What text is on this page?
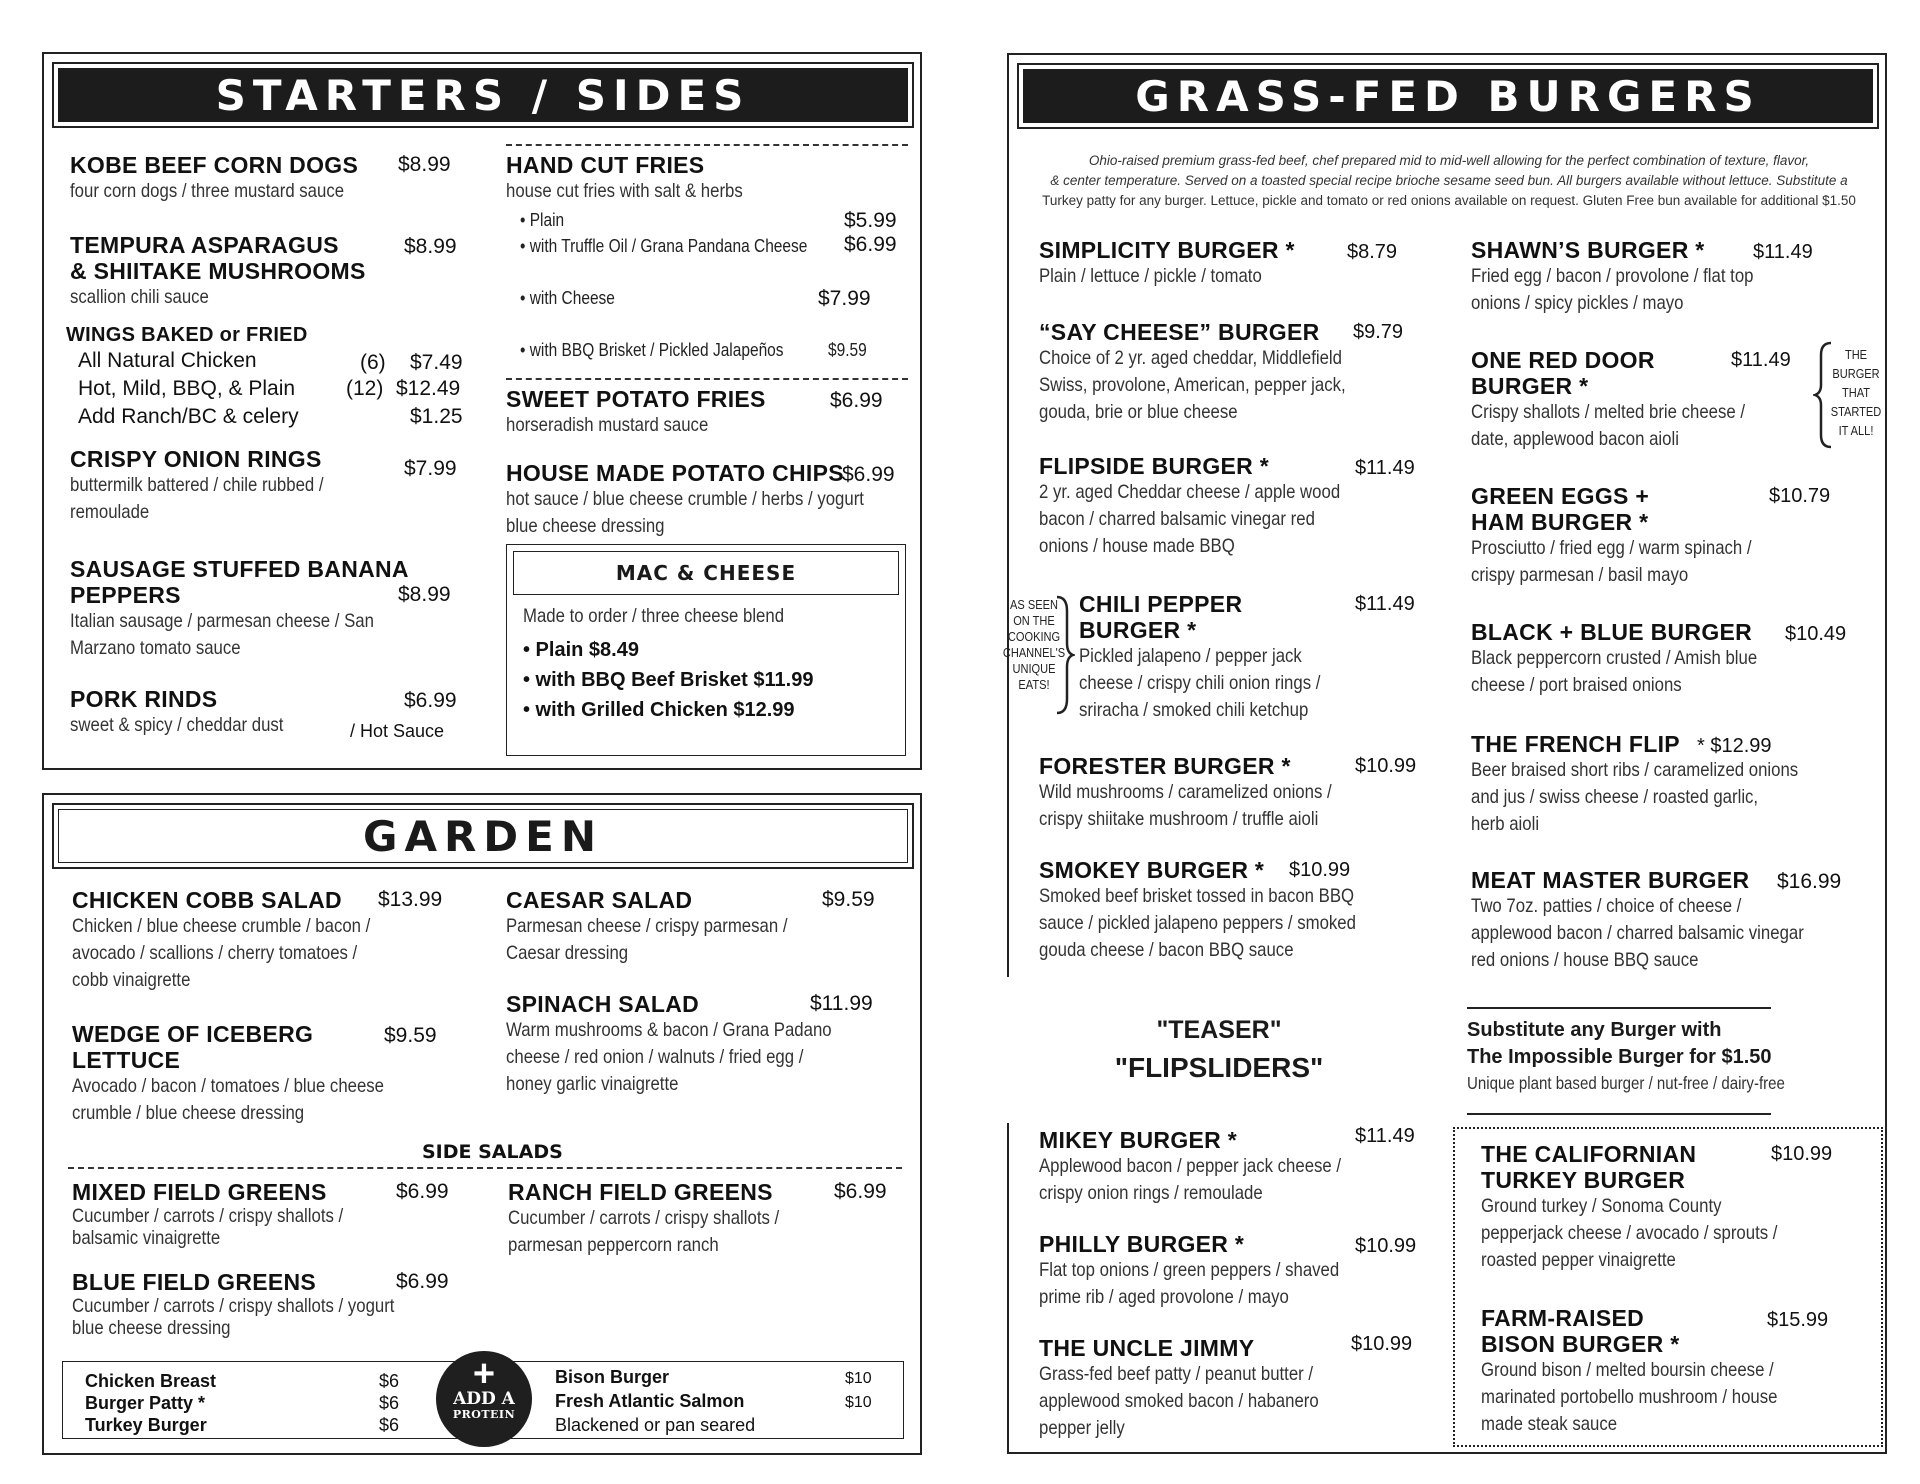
STARTERS / SIDES
KOBE BEEF CORN DOGS
four corn dogs / three mustard sauce
$8.99
TEMPURA ASPARAGUS
& SHIITAKE MUSHROOMS
scallion chili sauce
$8.99
WINGS BAKED or FRIED
All Natural Chicken	(6) $7.49
Hot, Mild, BBQ, & Plain (12) $12.49
Add Ranch/BC & celery	$1.25
CRISPY ONION RINGS
buttermilk battered / chile rubbed /
remoulade
$7.99
SAUSAGE STUFFED BANANA
PEPPERS
Italian sausage / parmesan cheese / San
Marzano tomato sauce
$8.99
PORK RINDS
sweet & spicy / cheddar dust	/ Hot Sauce
$6.99
HAND CUT FRIES
house cut fries with salt & herbs
• Plain	$5.99
• with Truffle Oil / Grana Pandana Cheese $6.99
• with Cheese	$7.99
• with BBQ Brisket / Pickled Jalapeños $9.59
SWEET POTATO FRIES
horseradish mustard sauce
$6.99
HOUSE MADE POTATO CHIPS
hot sauce / blue cheese crumble / herbs / yogurt
blue cheese dressing
$6.99
MAC & CHEESE
Made to order / three cheese blend
• Plain $8.49
• with BBQ Beef Brisket $11.99
• with Grilled Chicken $12.99
GARDEN
CHICKEN COBB SALAD
Chicken / blue cheese crumble / bacon /
avocado / scallions / cherry tomatoes /
cobb vinaigrette
$13.99
WEDGE OF ICEBERG
LETTUCE
Avocado / bacon / tomatoes / blue cheese
crumble / blue cheese dressing
$9.59
CAESAR SALAD
Parmesan cheese / crispy parmesan /
Caesar dressing
$9.59
SPINACH SALAD
Warm mushrooms & bacon / Grana Padano
cheese / red onion / walnuts / fried egg /
honey garlic vinaigrette
$11.99
SIDE SALADS
MIXED FIELD GREENS
Cucumber / carrots / crispy shallots /
balsamic vinaigrette
$6.99
BLUE FIELD GREENS
Cucumber / carrots / crispy shallots / yogurt
blue cheese dressing
$6.99
RANCH FIELD GREENS
Cucumber / carrots / crispy shallots /
parmesan peppercorn ranch
$6.99
Chicken Breast	$6
Burger Patty *	$6
Turkey Burger	$6
Bison Burger	$10
Fresh Atlantic Salmon	$10
Blackened or pan seared
+
ADD A
PROTEIN
GRASS-FED BURGERS
Ohio-raised premium grass-fed beef, chef prepared mid to mid-well allowing for the perfect combination of texture, flavor,
& center temperature. Served on a toasted special recipe brioche sesame seed bun. All burgers available without lettuce. Substitute a
Turkey patty for any burger. Lettuce, pickle and tomato or red onions available on request. Gluten Free bun available for additional $1.50
SIMPLICITY BURGER *
Plain / lettuce / pickle / tomato
$8.79
“SAY CHEESE” BURGER
Choice of 2 yr. aged cheddar, Middlefield
Swiss, provolone, American, pepper jack,
gouda, brie or blue cheese
$9.79
FLIPSIDE BURGER *
2 yr. aged Cheddar cheese / apple wood
bacon / charred balsamic vinegar red
onions / house made BBQ
$11.49
AS SEEN
ON THE
COOKING
CHANNEL'S
UNIQUE
EATS!
CHILI PEPPER
BURGER *
Pickled jalapeno / pepper jack
cheese / crispy chili onion rings /
sriracha / smoked chili ketchup
$11.49
FORESTER BURGER *
Wild mushrooms / caramelized onions /
crispy shiitake mushroom / truffle aioli
$10.99
SMOKEY BURGER *
Smoked beef brisket tossed in bacon BBQ
sauce / pickled jalapeno peppers / smoked
gouda cheese / bacon BBQ sauce
$10.99
"TEASER"
"FLIPSLIDERS"
MIKEY BURGER *
Applewood bacon / pepper jack cheese /
crispy onion rings / remoulade
$11.49
PHILLY BURGER *
Flat top onions / green peppers / shaved
prime rib / aged provolone / mayo
$10.99
THE UNCLE JIMMY
Grass-fed beef patty / peanut butter /
applewood smoked bacon / habanero
pepper jelly
$10.99
SHAWN’S BURGER *
Fried egg / bacon / provolone / flat top
onions / spicy pickles / mayo
$11.49
ONE RED DOOR
BURGER *
Crispy shallots / melted brie cheese /
date, applewood bacon aioli
$11.49	THE
BURGER
THAT
STARTED
IT ALL!
GREEN EGGS +
HAM BURGER *
Prosciutto / fried egg / warm spinach /
crispy parmesan / basil mayo
$10.79
BLACK + BLUE BURGER
Black peppercorn crusted / Amish blue
cheese / port braised onions
$10.49
THE FRENCH FLIP
Beer braised short ribs / caramelized onions
and jus / swiss cheese / roasted garlic,
herb aioli
* $12.99
MEAT MASTER BURGER
Two 7oz. patties / choice of cheese /
applewood bacon / charred balsamic vinegar
red onions / house BBQ sauce
$16.99
Substitute any Burger with
The Impossible Burger for $1.50
Unique plant based burger / nut-free / dairy-free
THE CALIFORNIAN
TURKEY BURGER
Ground turkey / Sonoma County
pepperjack cheese / avocado / sprouts /
roasted pepper vinaigrette
$10.99
FARM-RAISED
BISON BURGER *
Ground bison / melted boursin cheese /
marinated portobello mushroom / house
made steak sauce
$15.99
